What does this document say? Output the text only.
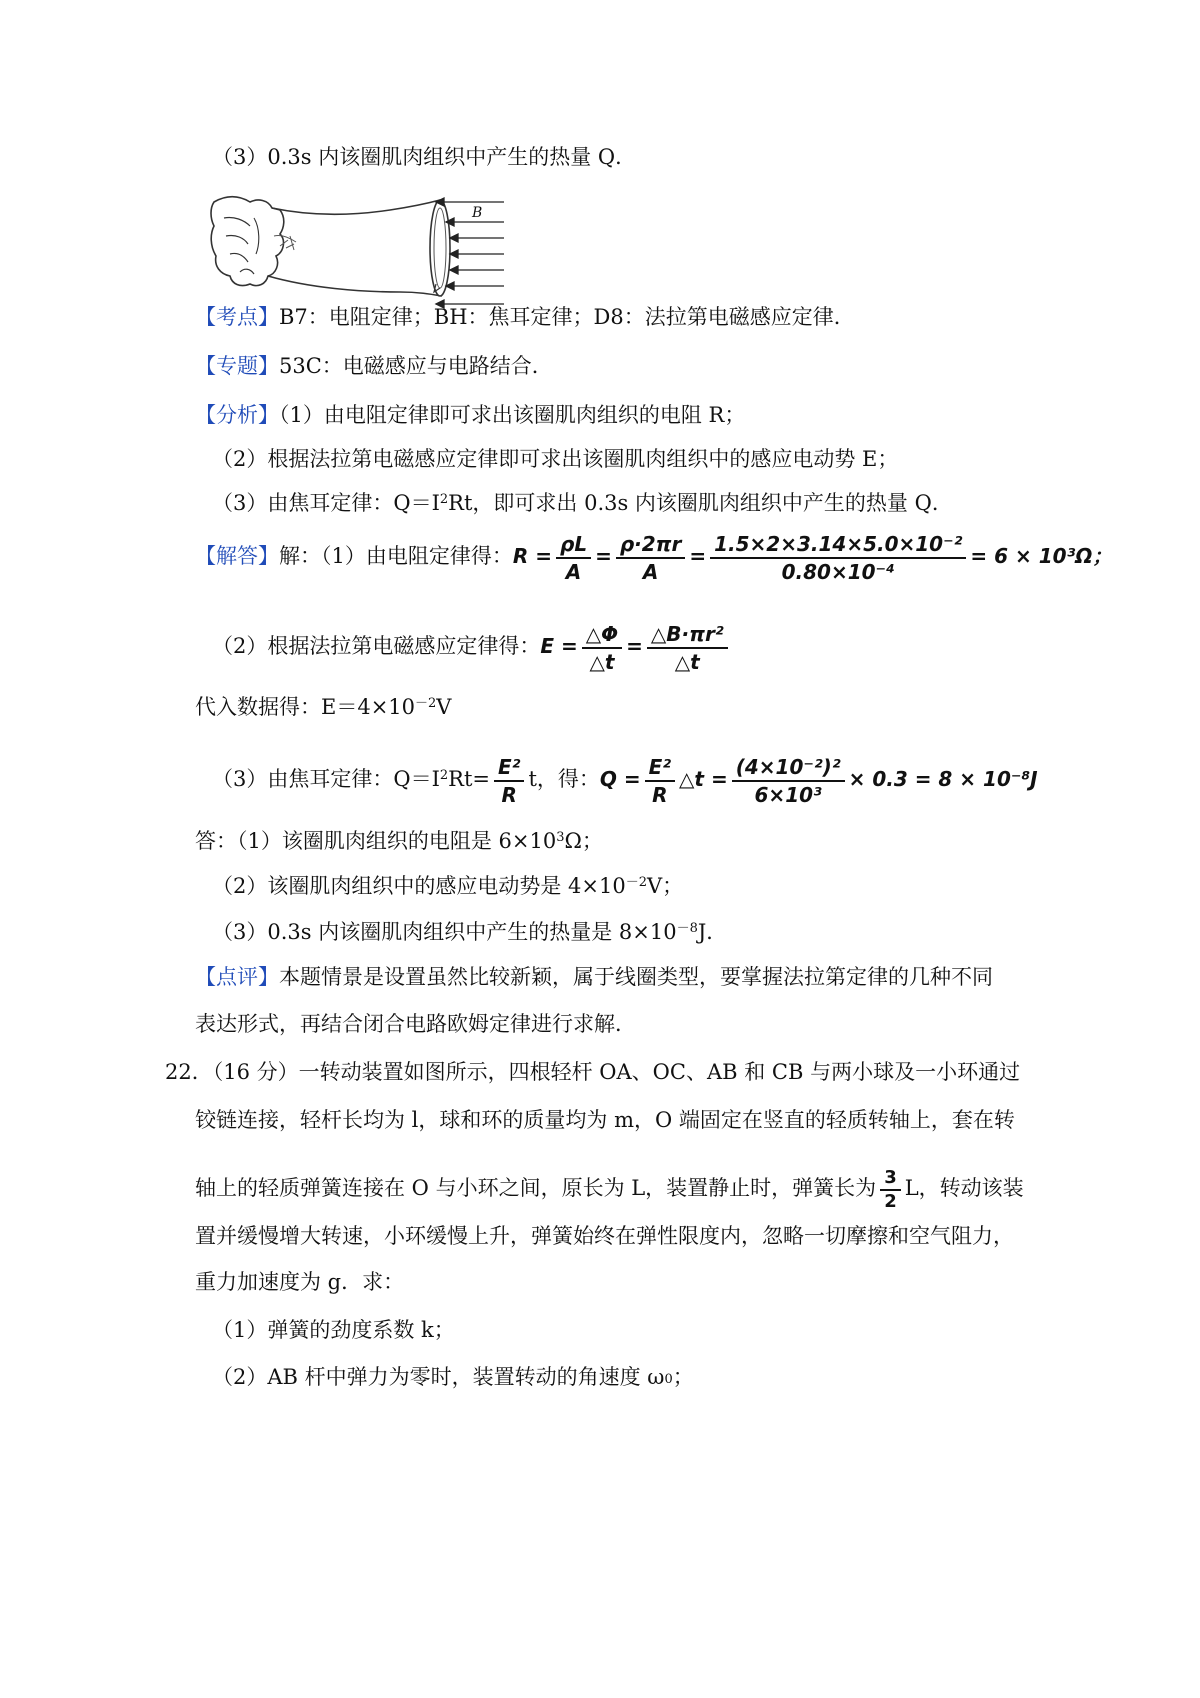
（3）0.3s 内该圈肌肉组织中产生的热量 Q．
B
【考点】B7：电阻定律；BH：焦耳定律；D8：法拉第电磁感应定律．
【专题】53C：电磁感应与电路结合．
【分析】（1）由电阻定律即可求出该圈肌肉组织的电阻 R；
（2）根据法拉第电磁感应定律即可求出该圈肌肉组织中的感应电动势 E；
（3）由焦耳定律：$Q=I^2Rt$，即可求出 0.3s 内该圈肌肉组织中产生的热量 Q．
【解答】解：（1）由电阻定律得：$R = \frac{\rho L}{A} = \frac{\rho\cdot 2\pi r}{A} = \frac{\text{1.5×2×3.14×5.0×10⁻²}}{\text{0.80×10⁻⁴}} = 6 \times 10^3\Omega$；
（2）根据法拉第电磁感应定律得：$E = \frac{\triangle\Phi}{\triangle t} = \frac{\text{△B·πr²}}{\triangle t}$
代入数据得：$E=4\times 10^{-2}V$
（3）由焦耳定律：$Q=I^2Rt= \frac{\text{E²}}{R}$ t，得：$Q = \frac{\text{E²}}{R}$ △t = $\frac{\text{(4×10⁻²)²}}{\text{6×10³}} \times 0.3 = 8 \times 10^{-8}J$
答：（1）该圈肌肉组织的电阻是 $6\times 10^3\Omega$；
（2）该圈肌肉组织中的感应电动势是 $4\times 10^{-2}V$；
（3）0.3s 内该圈肌肉组织中产生的热量是 $8\times 10^{-8}J$．
【点评】本题情景是设置虽然比较新颖，属于线圈类型，要掌握法拉第定律的几种不同
表达形式，再结合闭合电路欧姆定律进行求解．
22．（16 分）一转动装置如图所示，四根轻杆 OA、OC、AB 和 CB 与两小球及一小环通过
铰链连接，轻杆长均为 l，球和环的质量均为 m，O 端固定在竖直的轻质转轴上，套在转
轴上的轻质弹簧连接在 O 与小环之间，原长为 L，装置静止时，弹簧长为 $\frac{3}{2}$ L，转动该装
置并缓慢增大转速，小环缓慢上升，弹簧始终在弹性限度内，忽略一切摩擦和空气阻力，
重力加速度为 g．求：
（1）弹簧的劲度系数 k；
（2）AB 杆中弹力为零时，装置转动的角速度 $\omega_0$；
